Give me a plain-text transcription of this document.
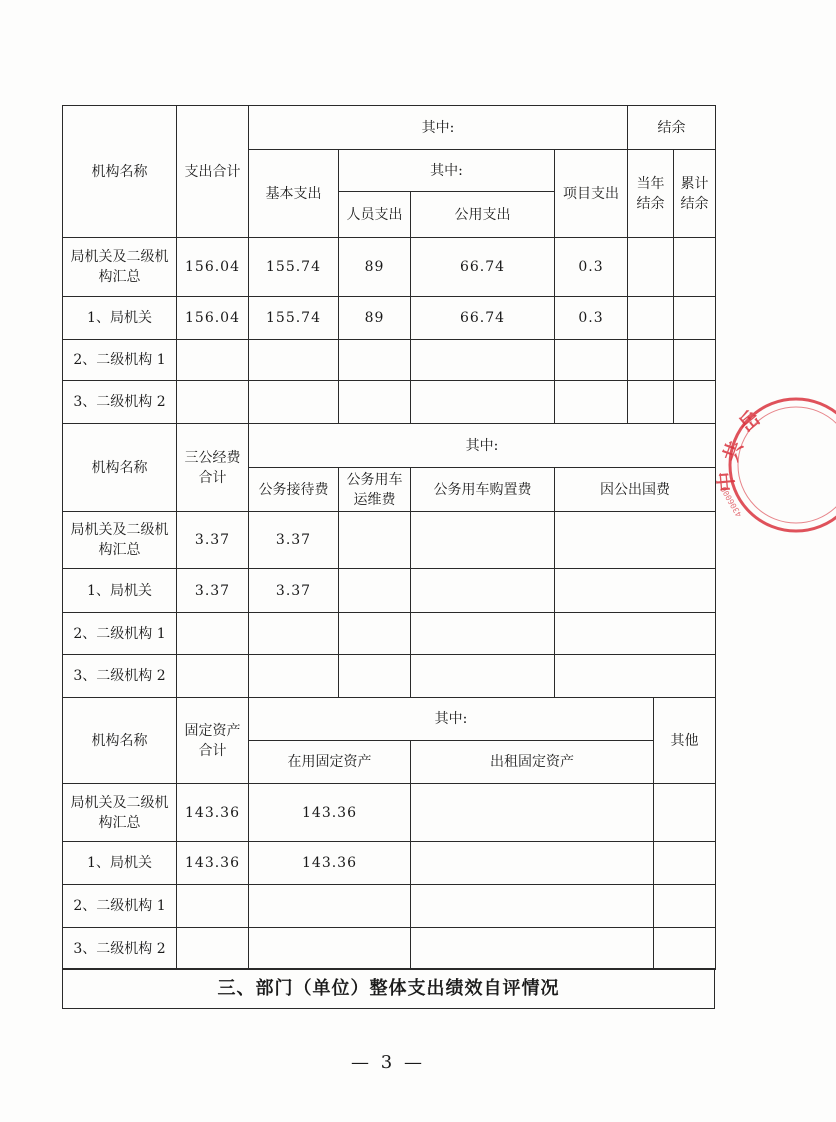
机构名称	支出合计	其中:				结余	
		基本支出	其中:		项目支出	当年结余	累计结余
			人员支出	公用支出			
局机关及二级机构汇总	156.04	155.74	89	66.74	0.3		
1、局机关	156.04	155.74	89	66.74	0.3		
2、二级机构 1							
3、二级机构 2							
机构名称	三公经费合计	其中:			
		公务接待费	公务用车运维费	公务用车购置费	因公出国费
局机关及二级机构汇总	3.37	3.37			
1、局机关	3.37	3.37			
2、二级机构 1					
3、二级机构 2					
机构名称	固定资产合计	其中:		其他
		在用固定资产	出租固定资产	
局机关及二级机构汇总	143.36	143.36		
1、局机关	143.36	143.36		
2、二级机构 1				
3、二级机构 2				
三、部门（单位）整体支出绩效自评情况
— 3 —
岳
共
中
4306000
